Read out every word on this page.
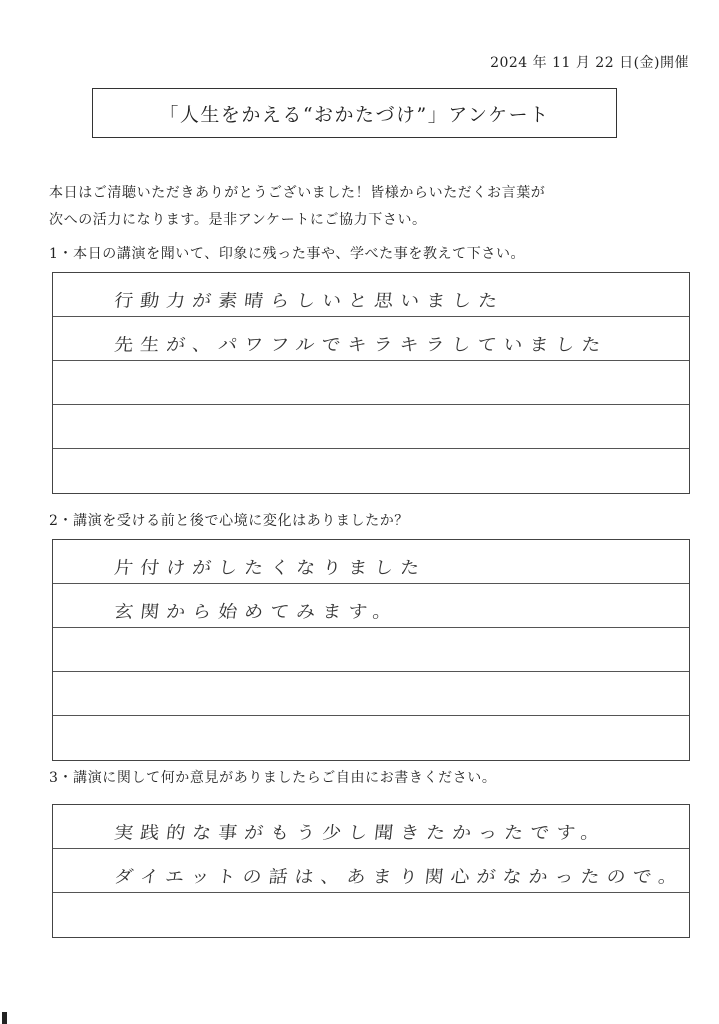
2024 年 11 月 22 日(金)開催
「人生をかえる“おかたづけ”」アンケート
本日はご清聴いただきありがとうございました！皆様からいただくお言葉が
次への活力になります。是非アンケートにご協力下さい。
1・本日の講演を聞いて、印象に残った事や、学べた事を教えて下さい。
行動力が素晴らしいと思いました
先生が、パワフルでキラキラしていました
2・講演を受ける前と後で心境に変化はありましたか？
片付けがしたくなりました
玄関から始めてみます。
3・講演に関して何か意見がありましたらご自由にお書きください。
実践的な事がもう少し聞きたかったです。
ダイエットの話は、あまり関心がなかったので。
